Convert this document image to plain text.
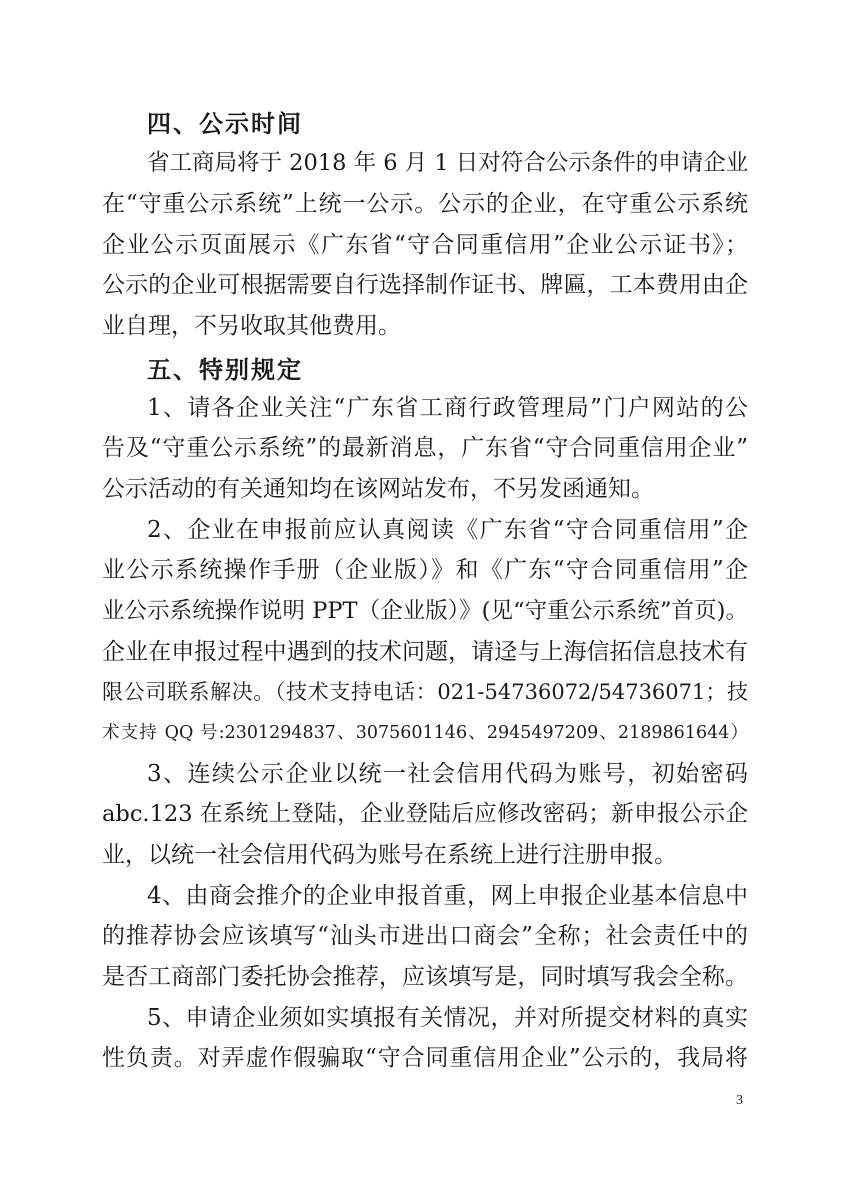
四、公示时间
省工商局将于 2018 年 6 月 1 日对符合公示条件的申请企业
在“守重公示系统”上统一公示。公示的企业，在守重公示系统
企业公示页面展示《广东省“守合同重信用”企业公示证书》；
公示的企业可根据需要自行选择制作证书、牌匾，工本费用由企
业自理，不另收取其他费用。
五、特别规定
1、请各企业关注“广东省工商行政管理局”门户网站的公
告及“守重公示系统”的最新消息，广东省“守合同重信用企业”
公示活动的有关通知均在该网站发布，不另发函通知。
2、企业在申报前应认真阅读《广东省“守合同重信用”企
业公示系统操作手册（企业版）》和《广东“守合同重信用”企
业公示系统操作说明 PPT（企业版）》(见“守重公示系统”首页)。
企业在申报过程中遇到的技术问题，请迳与上海信拓信息技术有
限公司联系解决。（技术支持电话：021-54736072/54736071；技
术支持 QQ 号:2301294837、3075601146、2945497209、2189861644）
3、连续公示企业以统一社会信用代码为账号，初始密码
abc.123 在系统上登陆，企业登陆后应修改密码；新申报公示企
业，以统一社会信用代码为账号在系统上进行注册申报。
4、由商会推介的企业申报首重，网上申报企业基本信息中
的推荐协会应该填写“汕头市进出口商会”全称；社会责任中的
是否工商部门委托协会推荐，应该填写是，同时填写我会全称。
5、申请企业须如实填报有关情况，并对所提交材料的真实
性负责。对弄虚作假骗取“守合同重信用企业”公示的，我局将
3
